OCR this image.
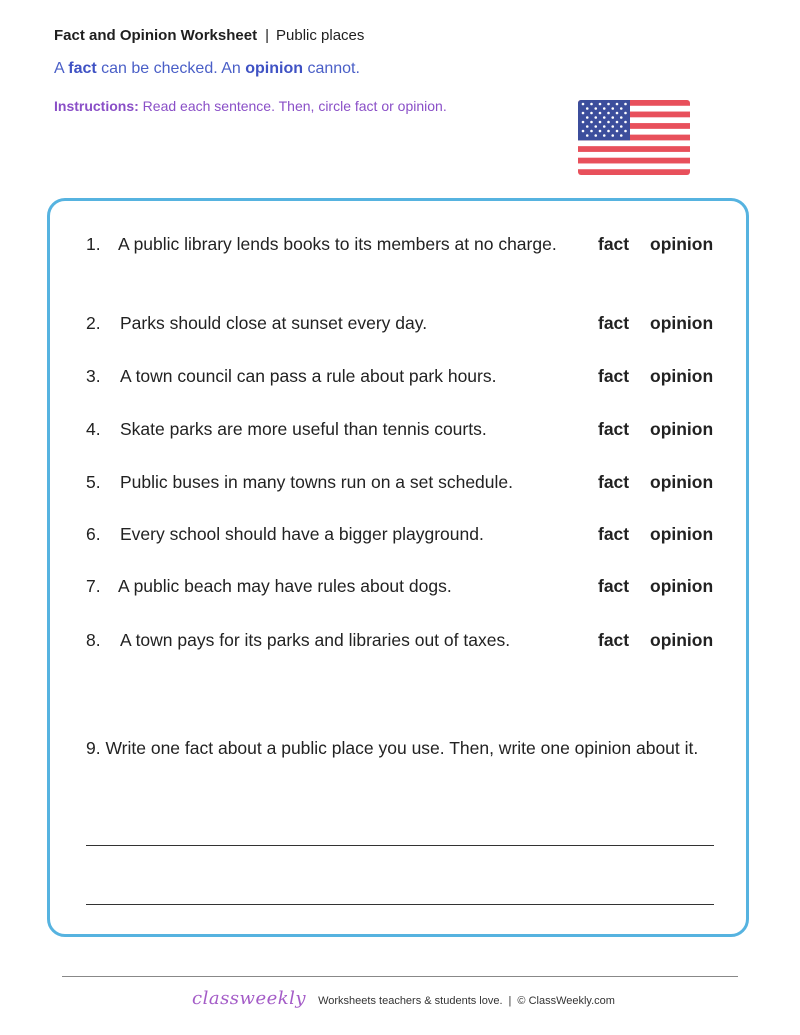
Fact and Opinion Worksheet | Public places
A fact can be checked. An opinion cannot.
Instructions: Read each sentence. Then, circle fact or opinion.
1. A public library lends books to its members at no charge. fact opinion
2. Parks should close at sunset every day.	fact opinion
3. A town council can pass a rule about park hours.	fact opinion
4. Skate parks are more useful than tennis courts.	fact opinion
5. Public buses in many towns run on a set schedule.	fact opinion
6. Every school should have a bigger playground.	fact opinion
7. A public beach may have rules about dogs.	fact opinion
8. A town pays for its parks and libraries out of taxes.	fact opinion
9. Write one fact about a public place you use. Then, write one opinion about it.
classweekly Worksheets teachers & students love. | © ClassWeekly.com
